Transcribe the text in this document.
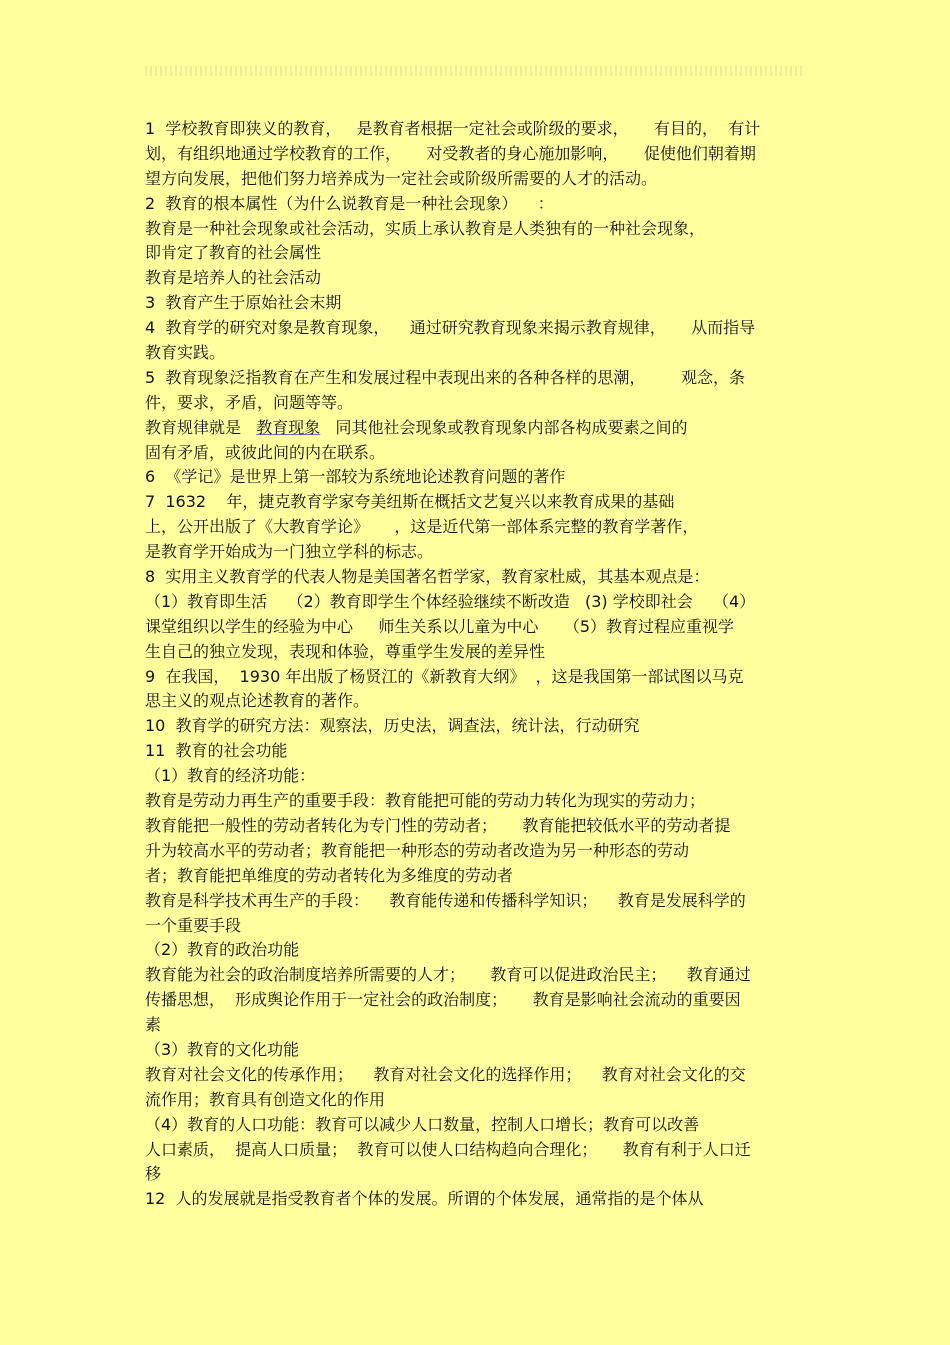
1  学校教育即狭义的教育，   是教育者根据一定社会或阶级的要求，     有目的，  有计
划，有组织地通过学校教育的工作，     对受教者的身心施加影响，     促使他们朝着期
望方向发展，把他们努力培养成为一定社会或阶级所需要的人才的活动。
2  教育的根本属性（为什么说教育是一种社会现象）    ：
教育是一种社会现象或社会活动，实质上承认教育是人类独有的一种社会现象，
即肯定了教育的社会属性
教育是培养人的社会活动
3  教育产生于原始社会末期
4  教育学的研究对象是教育现象，    通过研究教育现象来揭示教育规律，     从而指导
教育实践。
5  教育现象泛指教育在产生和发展过程中表现出来的各种各样的思潮，       观念，条
件，要求，矛盾，问题等等。
教育规律就是   教育现象   同其他社会现象或教育现象内部各构成要素之间的
固有矛盾，或彼此间的内在联系。
6  《学记》是世界上第一部较为系统地论述教育问题的著作
7  1632    年，捷克教育学家夸美纽斯在概括文艺复兴以来教育成果的基础
上，公开出版了《大教育学论》     ，这是近代第一部体系完整的教育学著作，
是教育学开始成为一门独立学科的标志。
8  实用主义教育学的代表人物是美国著名哲学家，教育家杜威，其基本观点是：
（1）教育即生活    （2）教育即学生个体经验继续不断改造   (3) 学校即社会    （4）
课堂组织以学生的经验为中心     师生关系以儿童为中心     （5）教育过程应重视学
生自己的独立发现，表现和体验，尊重学生发展的差异性
9  在我国，  1930 年出版了杨贤江的《新教育大纲》  ，这是我国第一部试图以马克
思主义的观点论述教育的著作。
10  教育学的研究方法：观察法，历史法，调查法，统计法，行动研究
11  教育的社会功能
（1）教育的经济功能：
教育是劳动力再生产的重要手段：教育能把可能的劳动力转化为现实的劳动力；
教育能把一般性的劳动者转化为专门性的劳动者；     教育能把较低水平的劳动者提
升为较高水平的劳动者；教育能把一种形态的劳动者改造为另一种形态的劳动
者；教育能把单维度的劳动者转化为多维度的劳动者
教育是科学技术再生产的手段：    教育能传递和传播科学知识；    教育是发展科学的
一个重要手段
（2）教育的政治功能
教育能为社会的政治制度培养所需要的人才；     教育可以促进政治民主；    教育通过
传播思想，  形成舆论作用于一定社会的政治制度；     教育是影响社会流动的重要因
素
（3）教育的文化功能
教育对社会文化的传承作用；    教育对社会文化的选择作用；    教育对社会文化的交
流作用；教育具有创造文化的作用
（4）教育的人口功能：教育可以减少人口数量，控制人口增长；教育可以改善
人口素质，  提高人口质量；  教育可以使人口结构趋向合理化；     教育有利于人口迁
移
12  人的发展就是指受教育者个体的发展。所谓的个体发展，通常指的是个体从
